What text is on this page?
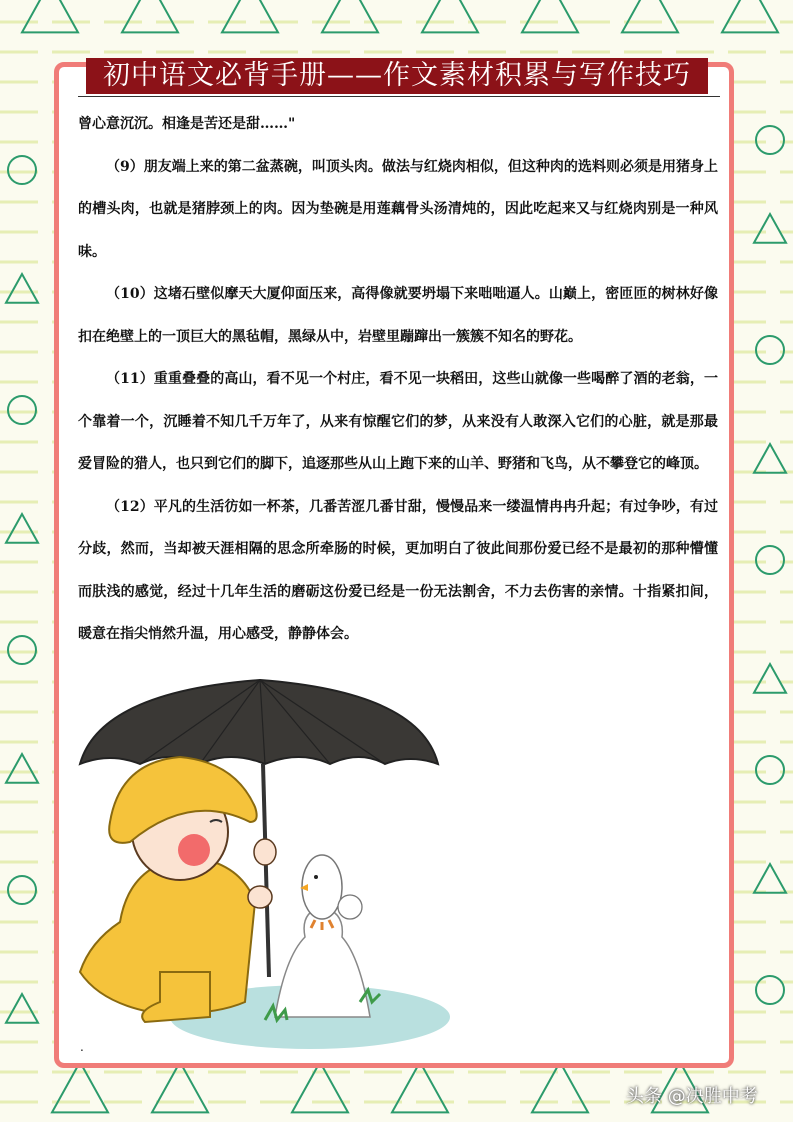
初中语文必背手册——作文素材积累与写作技巧

曾心意沉沉。相逢是苦还是甜……"

（9）朋友端上来的第二盆蒸碗，叫顶头肉。做法与红烧肉相似，但这种肉的选料则必须是用猪身上的槽头肉，也就是猪脖颈上的肉。因为垫碗是用莲藕骨头汤清炖的，因此吃起来又与红烧肉别是一种风味。

（10）这堵石壁似摩天大厦仰面压来，高得像就要坍塌下来咄咄逼人。山巅上，密匝匝的树林好像扣在绝壁上的一顶巨大的黑毡帽，黑绿从中，岩壁里蹦蹿出一簇簇不知名的野花。

（11）重重叠叠的高山，看不见一个村庄，看不见一块稻田，这些山就像一些喝醉了酒的老翁，一个靠着一个，沉睡着不知几千万年了，从来有惊醒它们的梦，从来没有人敢深入它们的心脏，就是那最爱冒险的猎人，也只到它们的脚下，追逐那些从山上跑下来的山羊、野猪和飞鸟，从不攀登它的峰顶。

（12）平凡的生活彷如一杯茶，几番苦涩几番甘甜，慢慢品来一缕温情冉冉升起；有过争吵，有过分歧，然而，当却被天涯相隔的思念所牵肠的时候，更加明白了彼此间那份爱已经不是最初的那种懵懂而肤浅的感觉，经过十几年生活的磨砺这份爱已经是一份无法割舍，不力去伤害的亲情。十指紧扣间，暖意在指尖悄然升温，用心感受，静静体会。

.
头条 @决胜中考
